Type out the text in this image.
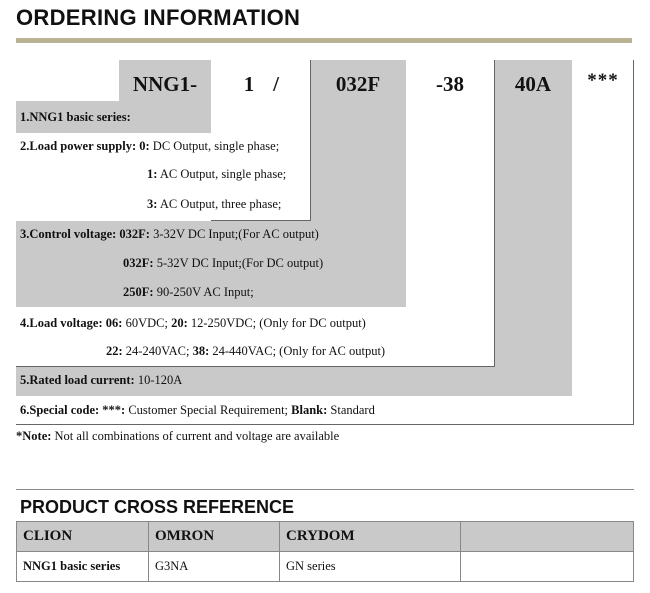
ORDERING INFORMATION
NNG1-	1 /	032F	-38	40A	***
1.NNG1 basic series:
2.Load power supply: 0: DC Output, single phase;
1: AC Output, single phase;
3: AC Output, three phase;
3.Control voltage: 032F: 3-32V DC Input;(For AC output)
032F: 5-32V DC Input;(For DC output)
250F: 90-250V AC Input;
4.Load voltage: 06: 60VDC; 20: 12-250VDC; (Only for DC output)
22: 24-240VAC; 38: 24-440VAC; (Only for AC output)
5.Rated load current: 10-120A
6.Special code: ***: Customer Special Requirement; Blank: Standard
*Note: Not all combinations of current and voltage are available
PRODUCT CROSS REFERENCE
CLION	OMRON	CRYDOM	
NNG1 basic series	G3NA	GN series	
